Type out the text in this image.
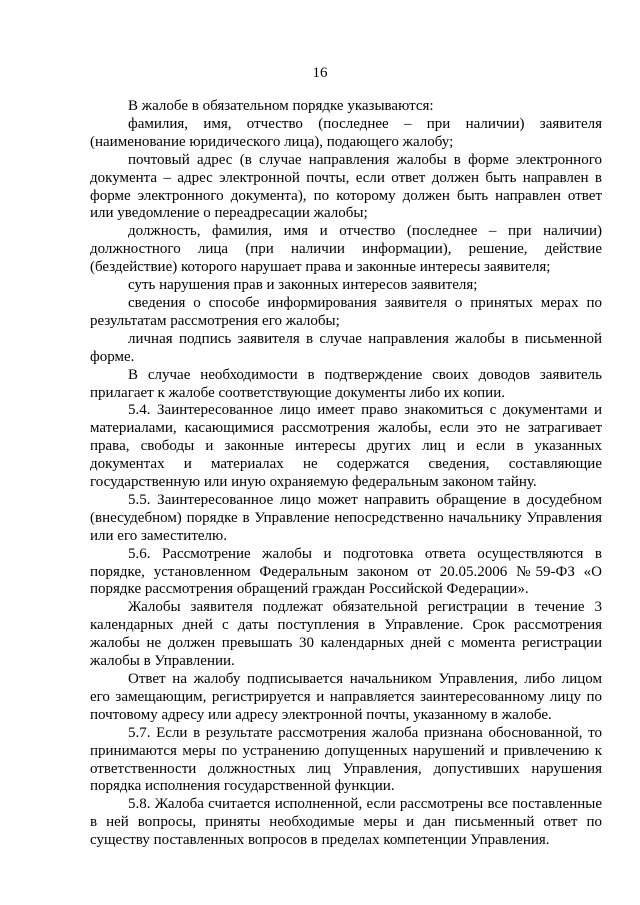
16

В жалобе в обязательном порядке указываются:

фамилия, имя, отчество (последнее – при наличии) заявителя (наименование юридического лица), подающего жалобу;

почтовый адрес (в случае направления жалобы в форме электронного документа – адрес электронной почты, если ответ должен быть направлен в форме электронного документа), по которому должен быть направлен ответ или уведомление о переадресации жалобы;

должность, фамилия, имя и отчество (последнее – при наличии) должностного лица (при наличии информации), решение, действие (бездействие) которого нарушает права и законные интересы заявителя;

суть нарушения прав и законных интересов заявителя;

сведения о способе информирования заявителя о принятых мерах по результатам рассмотрения его жалобы;

личная подпись заявителя в случае направления жалобы в письменной форме.

В случае необходимости в подтверждение своих доводов заявитель прилагает к жалобе соответствующие документы либо их копии.

5.4. Заинтересованное лицо имеет право знакомиться с документами и материалами, касающимися рассмотрения жалобы, если это не затрагивает права, свободы и законные интересы других лиц и если в указанных документах и материалах не содержатся сведения, составляющие государственную или иную охраняемую федеральным законом тайну.

5.5. Заинтересованное лицо может направить обращение в досудебном (внесудебном) порядке в Управление непосредственно начальнику Управления или его заместителю.

5.6. Рассмотрение жалобы и подготовка ответа осуществляются в порядке, установленном Федеральным законом от 20.05.2006 №59-ФЗ «О порядке рассмотрения обращений граждан Российской Федерации».

Жалобы заявителя подлежат обязательной регистрации в течение 3 календарных дней с даты поступления в Управление. Срок рассмотрения жалобы не должен превышать 30 календарных дней с момента регистрации жалобы в Управлении.

Ответ на жалобу подписывается начальником Управления, либо лицом его замещающим, регистрируется и направляется заинтересованному лицу по почтовому адресу или адресу электронной почты, указанному в жалобе.

5.7. Если в результате рассмотрения жалоба признана обоснованной, то принимаются меры по устранению допущенных нарушений и привлечению к ответственности должностных лиц Управления, допустивших нарушения порядка исполнения государственной функции.

5.8. Жалоба считается исполненной, если рассмотрены все поставленные в ней вопросы, приняты необходимые меры и дан письменный ответ по существу поставленных вопросов в пределах компетенции Управления.
